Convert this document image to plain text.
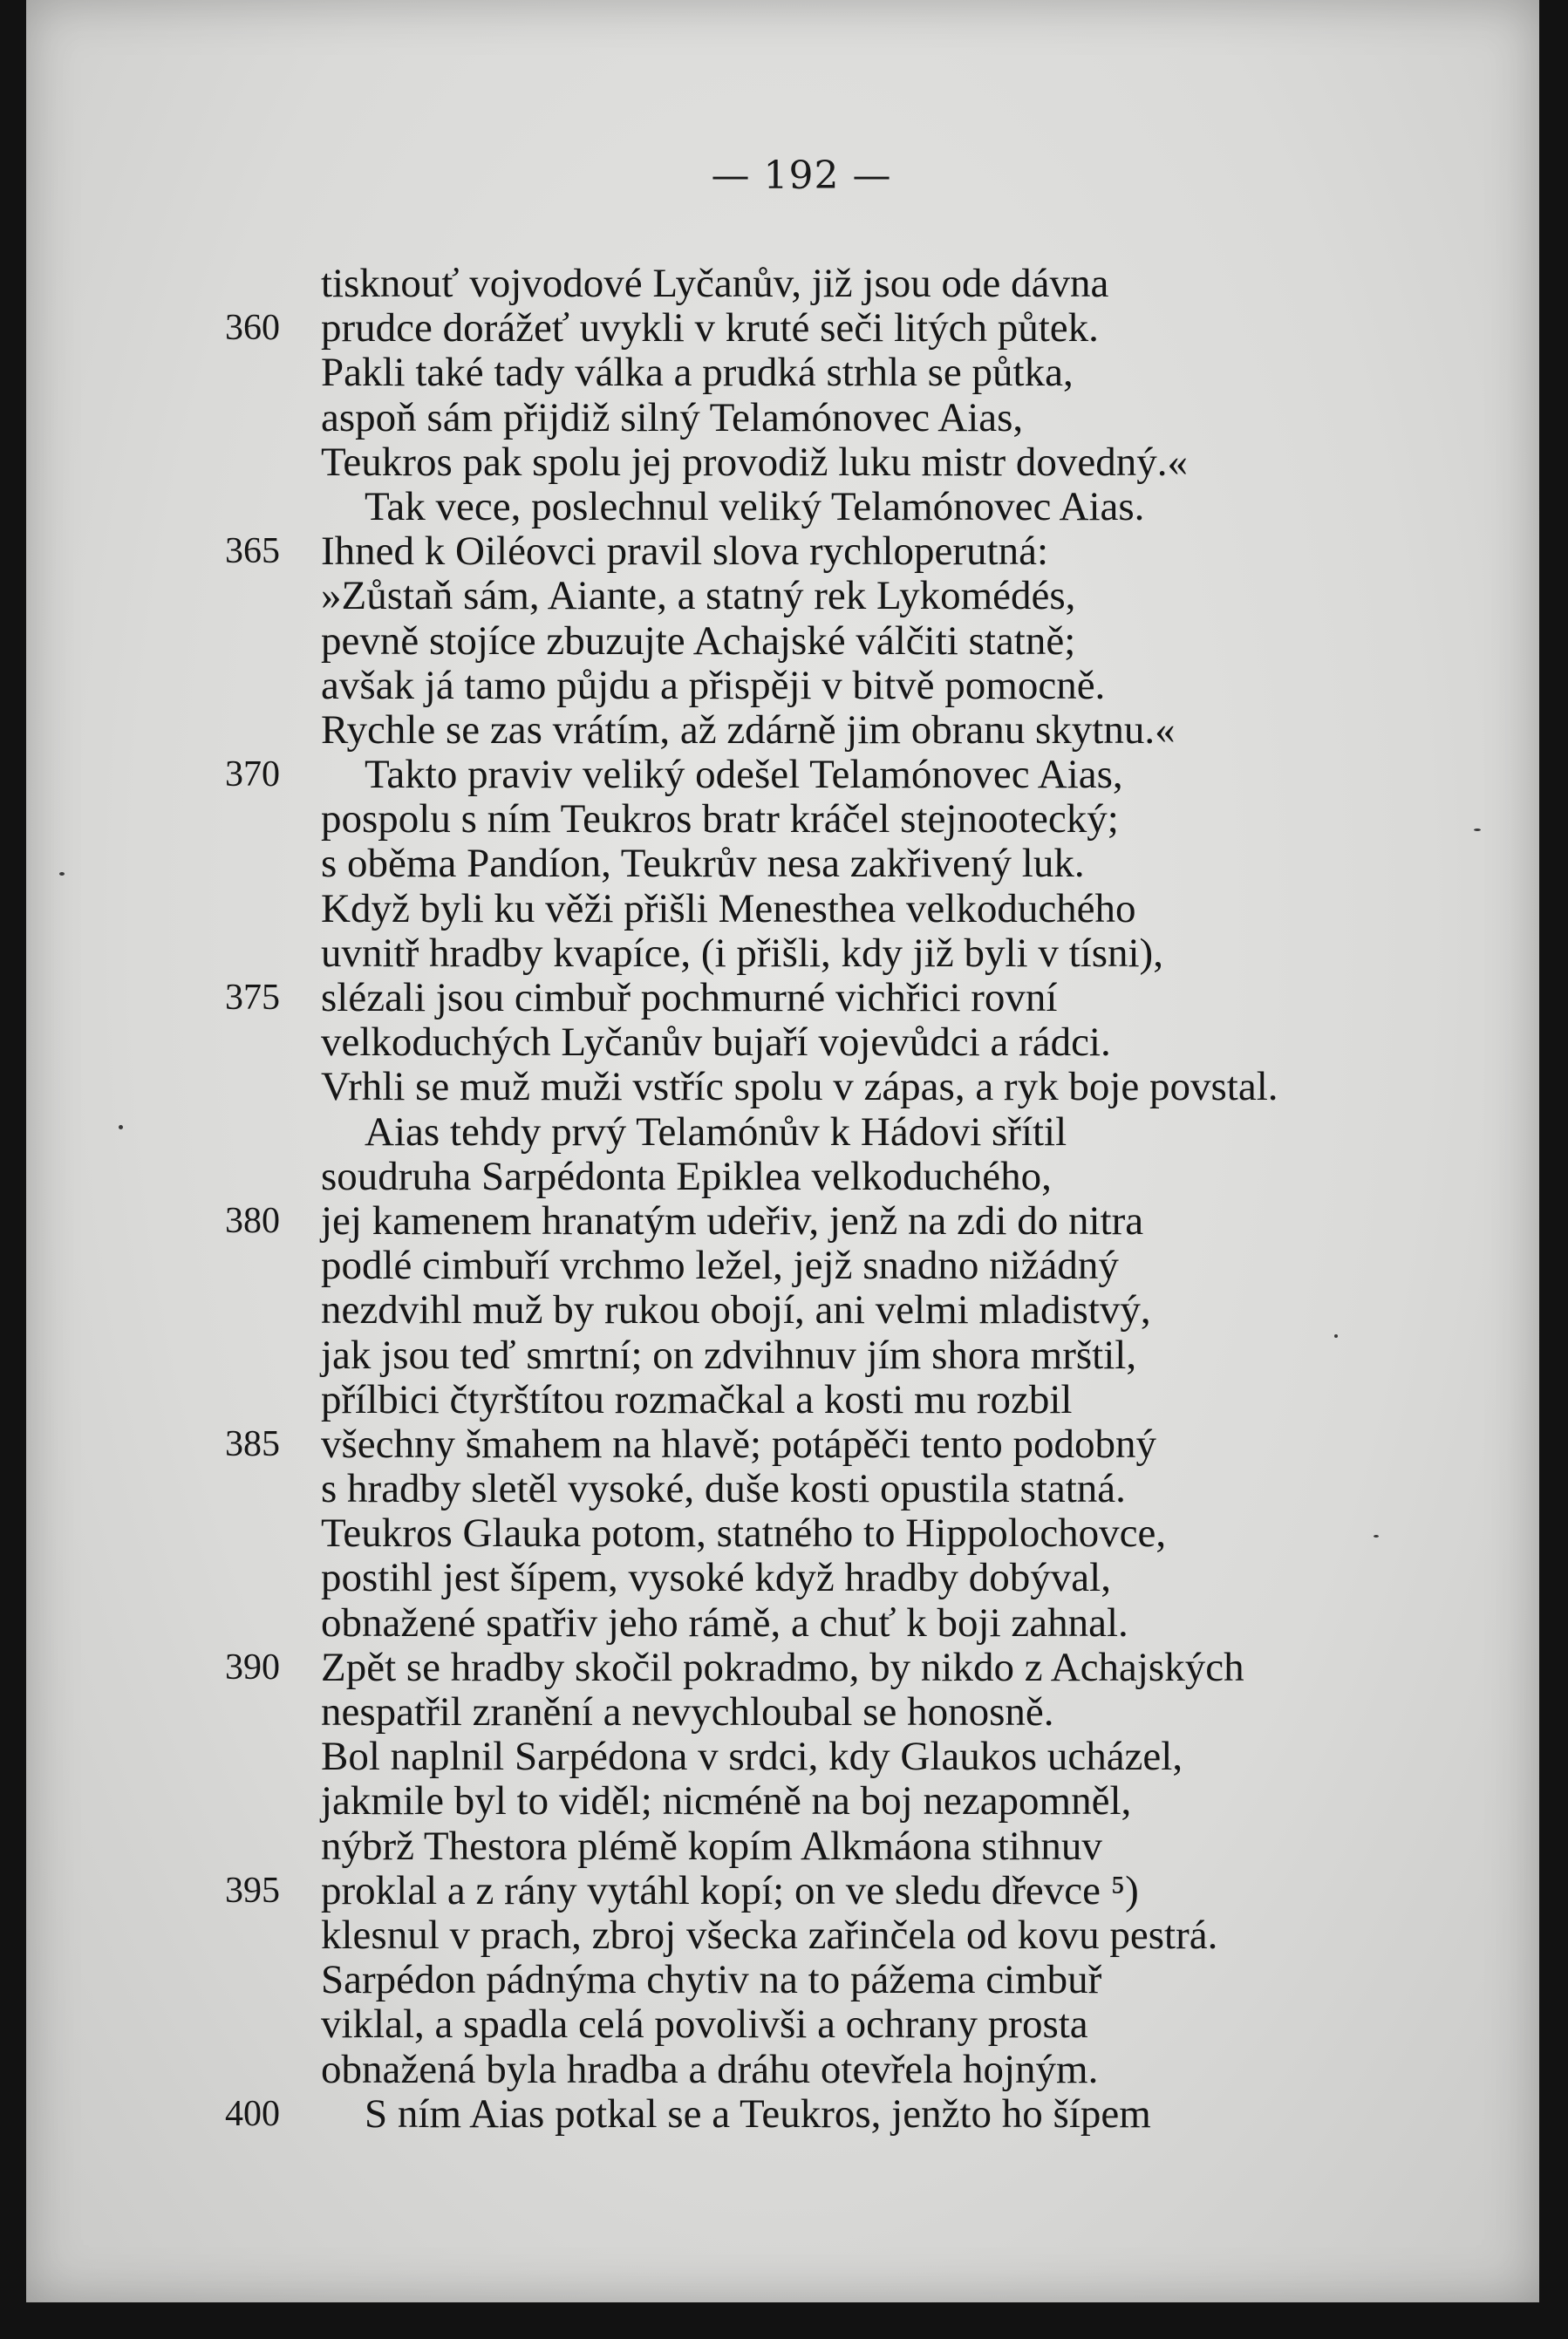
— 192 —
tisknouť vojvodové Lyčanův, již jsou ode dávna
360 prudce dorážeť uvykli v kruté seči litých půtek.
Pakli také tady válka a prudká strhla se půtka,
aspoň sám přijdiž silný Telamónovec Aias,
Teukros pak spolu jej provodiž luku mistr dovedný.«
Tak vece, poslechnul veliký Telamónovec Aias.
365 Ihned k Oiléovci pravil slova rychloperutná:
»Zůstaň sám, Aiante, a statný rek Lykomédés,
pevně stojíce zbuzujte Achajské válčiti statně;
avšak já tamo půjdu a přispěji v bitvě pomocně.
Rychle se zas vrátím, až zdárně jim obranu skytnu.«
370 Takto praviv veliký odešel Telamónovec Aias,
pospolu s ním Teukros bratr kráčel stejnootecký;
s oběma Pandíon, Teukrův nesa zakřivený luk.
Když byli ku věži přišli Menesthea velkoduchého
uvnitř hradby kvapíce, (i přišli, kdy již byli v tísni),
375 slézali jsou cimbuř pochmurné vichřici rovní
velkoduchých Lyčanův bujaří vojevůdci a rádci.
Vrhli se muž muži vstříc spolu v zápas, a ryk boje povstal.
Aias tehdy prvý Telamónův k Hádovi sřítil
soudruha Sarpédonta Epiklea velkoduchého,
380 jej kamenem hranatým udeřiv, jenž na zdi do nitra
podlé cimbuří vrchmo ležel, jejž snadno nižádný
nezdvihl muž by rukou obojí, ani velmi mladistvý,
jak jsou teď smrtní; on zdvihnuv jím shora mrštil,
přílbici čtyrštítou rozmačkal a kosti mu rozbil
385 všechny šmahem na hlavě; potápěči tento podobný
s hradby sletěl vysoké, duše kosti opustila statná.
Teukros Glauka potom, statného to Hippolochovce,
postihl jest šípem, vysoké když hradby dobýval,
obnažené spatřiv jeho rámě, a chuť k boji zahnal.
390 Zpět se hradby skočil pokradmo, by nikdo z Achajských
nespatřil zranění a nevychloubal se honosně.
Bol naplnil Sarpédona v srdci, kdy Glaukos ucházel,
jakmile byl to viděl; nicméně na boj nezapomněl,
nýbrž Thestora plémě kopím Alkmáona stihnuv
395 proklal a z rány vytáhl kopí; on ve sledu dřevce ⁵)
klesnul v prach, zbroj všecka zařinčela od kovu pestrá.
Sarpédon pádnýma chytiv na to pážema cimbuř
viklal, a spadla celá povolivši a ochrany prosta
obnažená byla hradba a dráhu otevřela hojným.
400 S ním Aias potkal se a Teukros, jenžto ho šípem
